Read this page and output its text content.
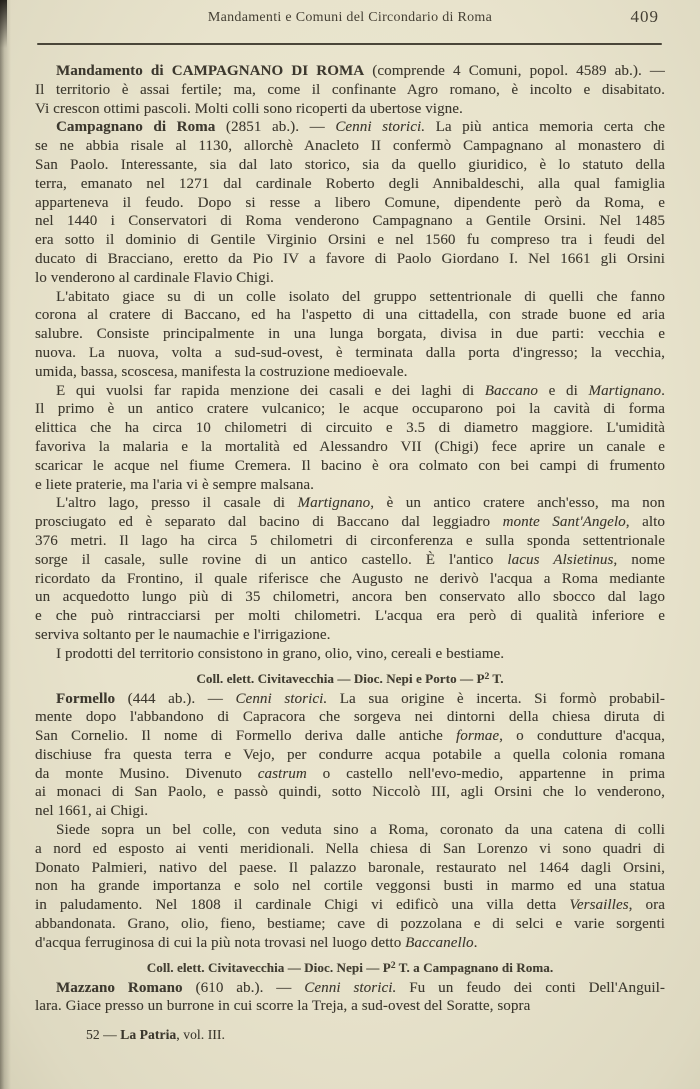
Mandamenti e Comuni del Circondario di Roma	409
Mandamento di CAMPAGNANO DI ROMA (comprende 4 Comuni, popol. 4589 ab.). —
Il territorio è assai fertile; ma, come il confinante Agro romano, è incolto e disabitato.
Vi crescon ottimi pascoli. Molti colli sono ricoperti da ubertose vigne.
Campagnano di Roma (2851 ab.). — Cenni storici. La più antica memoria certa che
se ne abbia risale al 1130, allorchè Anacleto II confermò Campagnano al monastero di
San Paolo. Interessante, sia dal lato storico, sia da quello giuridico, è lo statuto della
terra, emanato nel 1271 dal cardinale Roberto degli Annibaldeschi, alla qual famiglia
apparteneva il feudo. Dopo si resse a libero Comune, dipendente però da Roma, e
nel 1440 i Conservatori di Roma venderono Campagnano a Gentile Orsini. Nel 1485
era sotto il dominio di Gentile Virginio Orsini e nel 1560 fu compreso tra i feudi del
ducato di Bracciano, eretto da Pio IV a favore di Paolo Giordano I. Nel 1661 gli Orsini
lo venderono al cardinale Flavio Chigi.
L'abitato giace su di un colle isolato del gruppo settentrionale di quelli che fanno
corona al cratere di Baccano, ed ha l'aspetto di una cittadella, con strade buone ed aria
salubre. Consiste principalmente in una lunga borgata, divisa in due parti: vecchia e
nuova. La nuova, volta a sud-sud-ovest, è terminata dalla porta d'ingresso; la vecchia,
umida, bassa, scoscesa, manifesta la costruzione medioevale.
E qui vuolsi far rapida menzione dei casali e dei laghi di Baccano e di Martignano.
Il primo è un antico cratere vulcanico; le acque occuparono poi la cavità di forma
elittica che ha circa 10 chilometri di circuito e 3.5 di diametro maggiore. L'umidità
favoriva la malaria e la mortalità ed Alessandro VII (Chigi) fece aprire un canale e
scaricar le acque nel fiume Cremera. Il bacino è ora colmato con bei campi di frumento
e liete praterie, ma l'aria vi è sempre malsana.
L'altro lago, presso il casale di Martignano, è un antico cratere anch'esso, ma non
prosciugato ed è separato dal bacino di Baccano dal leggiadro monte Sant'Angelo, alto
376 metri. Il lago ha circa 5 chilometri di circonferenza e sulla sponda settentrionale
sorge il casale, sulle rovine di un antico castello. È l'antico lacus Alsietinus, nome
ricordato da Frontino, il quale riferisce che Augusto ne derivò l'acqua a Roma mediante
un acquedotto lungo più di 35 chilometri, ancora ben conservato allo sbocco dal lago
e che può rintracciarsi per molti chilometri. L'acqua era però di qualità inferiore e
serviva soltanto per le naumachie e l'irrigazione.
I prodotti del territorio consistono in grano, olio, vino, cereali e bestiame.
Coll. elett. Civitavecchia — Dioc. Nepi e Porto — $P^2$ T.
Formello (444 ab.). — Cenni storici. La sua origine è incerta. Si formò probabil-
mente dopo l'abbandono di Capracora che sorgeva nei dintorni della chiesa diruta di
San Cornelio. Il nome di Formello deriva dalle antiche formae, o condutture d'acqua,
dischiuse fra questa terra e Vejo, per condurre acqua potabile a quella colonia romana
da monte Musino. Divenuto castrum o castello nell'evo-medio, appartenne in prima
ai monaci di San Paolo, e passò quindi, sotto Niccolò III, agli Orsini che lo venderono,
nel 1661, ai Chigi.
Siede sopra un bel colle, con veduta sino a Roma, coronato da una catena di colli
a nord ed esposto ai venti meridionali. Nella chiesa di San Lorenzo vi sono quadri di
Donato Palmieri, nativo del paese. Il palazzo baronale, restaurato nel 1464 dagli Orsini,
non ha grande importanza e solo nel cortile veggonsi busti in marmo ed una statua
in paludamento. Nel 1808 il cardinale Chigi vi edificò una villa detta Versailles, ora
abbandonata. Grano, olio, fieno, bestiame; cave di pozzolana e di selci e varie sorgenti
d'acqua ferruginosa di cui la più nota trovasi nel luogo detto Baccanello.
Coll. elett. Civitavecchia — Dioc. Nepi — $P^2$ T. a Campagnano di Roma.
Mazzano Romano (610 ab.). — Cenni storici. Fu un feudo dei conti Dell'Anguil-
lara. Giace presso un burrone in cui scorre la Treja, a sud-ovest del Soratte, sopra
52 — La Patria, vol. III.
